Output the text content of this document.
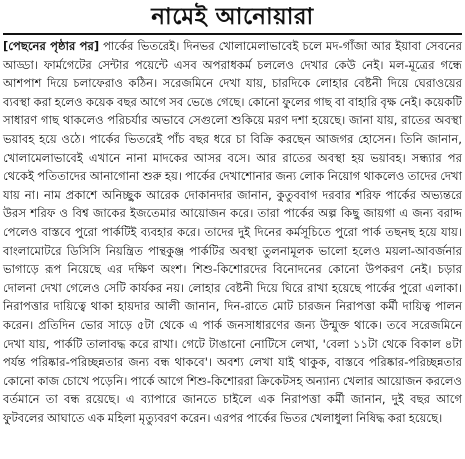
নামেই আনোয়ারা

[পেছনের পৃষ্ঠার পর] পার্কের ভিতরেই। দিনভর খোলামেলাভাবেই চলে মদ-গাঁজা আর ইয়াবা সেবনের আড্ডা। ফার্মগেটের সেন্টার পয়েন্টে এসব অপরাধকর্ম চললেও দেখার কেউ নেই। মল-মূত্রের গন্ধে আশপাশ দিয়ে চলাফেরাও কঠিন। সরেজমিনে দেখা যায়, চারদিকে লোহার বেষ্টনী দিয়ে ঘেরাওয়ের ব্যবস্থা করা হলেও কয়েক বছর আগে সব ভেঙে গেছে। কোনো ফুলের গাছ বা বাহারি বৃক্ষ নেই। কয়েকটি সাধারণ গাছ থাকলেও পরিচর্যার অভাবে সেগুলো শুকিয়ে মরণ দশা হয়েছে। জানা যায়, রাতের অবস্থা ভয়াবহ হয়ে ওঠে। পার্কের ভিতরেই পাঁচ বছর ধরে চা বিক্রি করছেন আজগর হোসেন। তিনি জানান, খোলামেলাভাবেই এখানে নানা মাদকের আসর বসে। আর রাতের অবস্থা হয় ভয়াবহ। সন্ধ্যার পর থেকেই পতিতাদের আনাগোনা শুরু হয়। পার্কের দেখাশোনার জন্য লোক নিয়োগ থাকলেও তাদের দেখা যায় না। নাম প্রকাশে অনিচ্ছুক আরেক দোকানদার জানান, কুতুববাগ দরবার শরিফ পার্কের অভ্যন্তরে উরস শরিফ ও বিশ্ব জাকের ইজতেমার আয়োজন করে। তারা পার্কের অল্প কিছু জায়গা এ জন্য বরাদ্দ পেলেও বাস্তবে পুরো পার্কটিই ব্যবহার করে। তাদের দুই দিনের কর্মসূচিতে পুরো পার্ক তছনছ হয়ে যায়। বাংলামোটরে ডিসিসি নিয়ন্ত্রিত পান্থকুঞ্জ পার্কটির অবস্থা তুলনামূলক ভালো হলেও ময়লা-আবর্জনার ভাগাড়ে রূপ নিয়েছে এর দক্ষিণ অংশ। শিশু-কিশোরদের বিনোদনের কোনো উপকরণ নেই। চড়ার দোলনা দেখা গেলেও সেটি কার্যকর নয়। লোহার বেষ্টনী দিয়ে ঘিরে রাখা হয়েছে পার্কের পুরো এলাকা। নিরাপত্তার দায়িত্বে থাকা হায়দার আলী জানান, দিন-রাতে মোট চারজন নিরাপত্তা কর্মী দায়িত্ব পালন করেন। প্রতিদিন ভোর সাড়ে ৫টা থেকে এ পার্ক জনসাধারণের জন্য উন্মুক্ত থাকে। তবে সরেজমিনে দেখা যায়, পার্কটি তালাবদ্ধ করে রাখা। গেটে টাঙানো নোটিসে লেখা, 'বেলা ১১টা থেকে বিকাল ৪টা পর্যন্ত পরিষ্কার-পরিচ্ছন্নতার জন্য বন্ধ থাকবে'। অবশ্য লেখা যাই থাকুক, বাস্তবে পরিষ্কার-পরিচ্ছন্নতার কোনো কাজ চোখে পড়েনি। পার্কে আগে শিশু-কিশোররা ক্রিকেটসহ অন্যান্য খেলার আয়োজন করলেও বর্তমানে তা বন্ধ রয়েছে। এ ব্যাপারে জানতে চাইলে এক নিরাপত্তা কর্মী জানান, দুই বছর আগে ফুটবলের আঘাতে এক মহিলা মৃত্যুবরণ করেন। এরপর পার্কের ভিতর খেলাধুলা নিষিদ্ধ করা হয়েছে।
